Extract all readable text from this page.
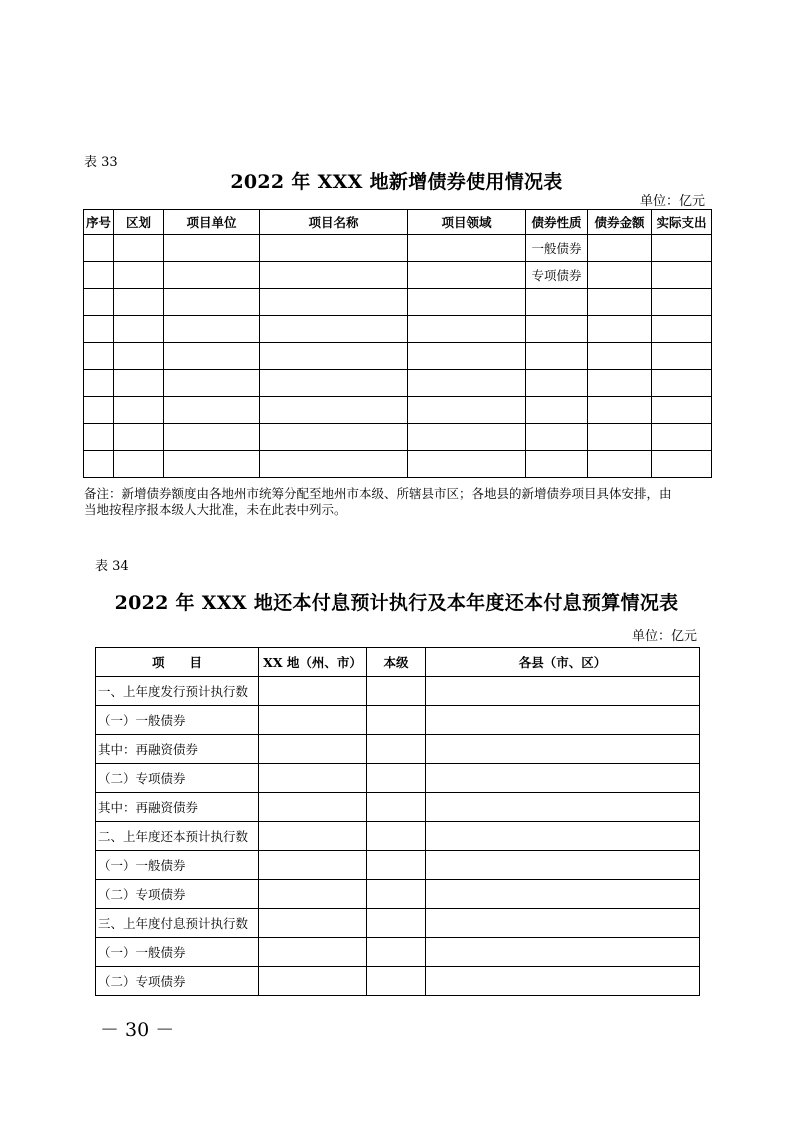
表 33
2022 年 XXX 地新增债券使用情况表
单位：亿元
序号	区划	项目单位	项目名称	项目领域	债券性质	债券金额	实际支出
					一般债券		
					专项债券		

备注：新增债券额度由各地州市统筹分配至地州市本级、所辖县市区；各地县的新增债券项目具体安排，由
当地按程序报本级人大批准，未在此表中列示。
表 34
2022 年 XXX 地还本付息预计执行及本年度还本付息预算情况表
单位：亿元
项　　目	XX 地（州、市）	本级	各县（市、区）
一、上年度发行预计执行数			
（一）一般债券			
其中：再融资债券			
（二）专项债券			
其中：再融资债券			
二、上年度还本预计执行数			
（一）一般债券			
（二）专项债券			
三、上年度付息预计执行数			
（一）一般债券			
（二）专项债券			
－ 30 －
